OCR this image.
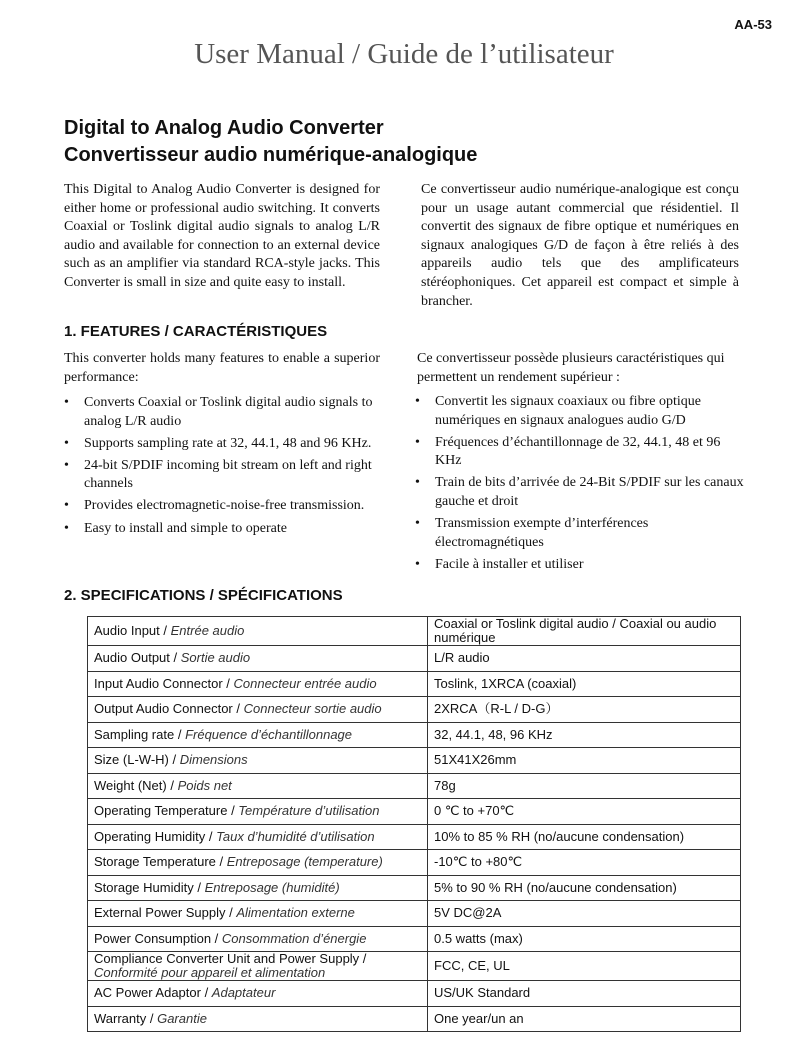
AA-53
User Manual / Guide de l’utilisateur
Digital to Analog Audio Converter
Convertisseur audio numérique-analogique
This Digital to Analog Audio Converter is designed for either home or professional audio switching. It converts Coaxial or Toslink digital audio signals to analog L/R audio and available for connection to an external device such as an amplifier via standard RCA-style jacks. This Converter is small in size and quite easy to install.
Ce convertisseur audio numérique-analogique est conçu pour un usage autant commercial que résidentiel. Il convertit des signaux de fibre optique et numériques en signaux analogiques G/D de façon à être reliés à des appareils audio tels que des amplificateurs stéréophoniques. Cet appareil est compact et simple à brancher.
1. FEATURES / CARACTÉRISTIQUES
This converter holds many features to enable a superior performance:
Ce convertisseur possède plusieurs caractéristiques qui permettent un rendement supérieur :
• Converts Coaxial or Toslink digital audio signals to analog L/R audio
• Supports sampling rate at 32, 44.1, 48 and 96 KHz.
• 24-bit S/PDIF incoming bit stream on left and right channels
• Provides electromagnetic-noise-free transmission.
• Easy to install and simple to operate
• Convertit les signaux coaxiaux ou fibre optique numériques en signaux analogues audio G/D
• Fréquences d’échantillonnage de 32, 44.1, 48 et 96 KHz
• Train de bits d’arrivée de 24-Bit S/PDIF sur les canaux gauche et droit
• Transmission exempte d’interférences électromagnétiques
• Facile à installer et utiliser
2. SPECIFICATIONS / SPÉCIFICATIONS
Audio Input / Entrée audio	Coaxial or Toslink digital audio / Coaxial ou audio numérique
Audio Output / Sortie audio	L/R audio
Input Audio Connector / Connecteur entrée audio	Toslink, 1XRCA (coaxial)
Output Audio Connector / Connecteur sortie audio	2XRCA（R-L / D-G）
Sampling rate / Fréquence d’échantillonnage	32, 44.1, 48, 96 KHz
Size (L-W-H) / Dimensions	51X41X26mm
Weight (Net) / Poids net	78g
Operating Temperature / Température d’utilisation	0 ℃ to +70℃
Operating Humidity / Taux d’humidité d’utilisation	10% to 85 % RH (no/aucune condensation)
Storage Temperature / Entreposage (temperature)	-10℃ to +80℃
Storage Humidity / Entreposage (humidité)	5% to 90 % RH (no/aucune condensation)
External Power Supply / Alimentation externe	5V DC@2A
Power Consumption / Consommation d’énergie	0.5 watts (max)
Compliance Converter Unit and Power Supply /
Conformité pour appareil et alimentation	FCC, CE, UL
AC Power Adaptor / Adaptateur	US/UK Standard
Warranty / Garantie	One year/un an
